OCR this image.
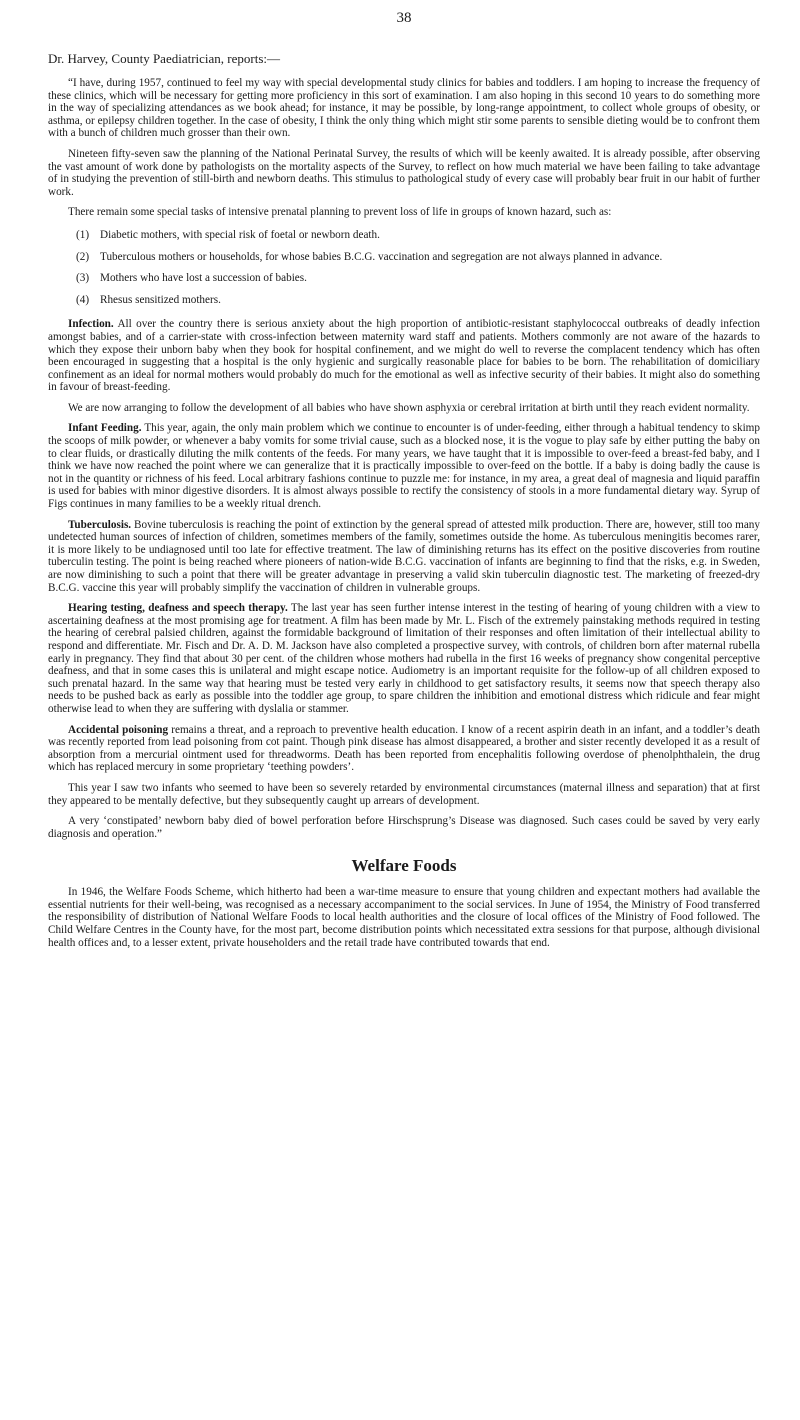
38
Dr. Harvey, County Paediatrician, reports:—

“I have, during 1957, continued to feel my way with special developmental study clinics for babies and toddlers. I am hoping to increase the frequency of these clinics, which will be necessary for getting more proficiency in this sort of examination. I am also hoping in this second 10 years to do something more in the way of specializing attendances as we book ahead; for instance, it may be possible, by long-range appointment, to collect whole groups of obesity, or asthma, or epilepsy children together. In the case of obesity, I think the only thing which might stir some parents to sensible dieting would be to confront them with a bunch of children much grosser than their own.

Nineteen fifty-seven saw the planning of the National Perinatal Survey, the results of which will be keenly awaited. It is already possible, after observing the vast amount of work done by pathologists on the mortality aspects of the Survey, to reflect on how much material we have been failing to take advantage of in studying the prevention of still-birth and newborn deaths. This stimulus to pathological study of every case will probably bear fruit in our habit of further work.

There remain some special tasks of intensive prenatal planning to prevent loss of life in groups of known hazard, such as:
(1) Diabetic mothers, with special risk of foetal or newborn death.
(2) Tuberculous mothers or households, for whose babies B.C.G. vaccination and segregation are not always planned in advance.
(3) Mothers who have lost a succession of babies.
(4) Rhesus sensitized mothers.

Infection. All over the country there is serious anxiety about the high proportion of antibiotic-resistant staphylococcal outbreaks of deadly infection amongst babies, and of a carrier-state with cross-infection between maternity ward staff and patients. Mothers commonly are not aware of the hazards to which they expose their unborn baby when they book for hospital confinement, and we might do well to reverse the complacent tendency which has often been encouraged in suggesting that a hospital is the only hygienic and surgically reasonable place for babies to be born. The rehabilitation of domiciliary confinement as an ideal for normal mothers would probably do much for the emotional as well as infective security of their babies. It might also do something in favour of breast-feeding.

We are now arranging to follow the development of all babies who have shown asphyxia or cerebral irritation at birth until they reach evident normality.

Infant Feeding. This year, again, the only main problem which we continue to encounter is of under-feeding, either through a habitual tendency to skimp the scoops of milk powder, or whenever a baby vomits for some trivial cause, such as a blocked nose, it is the vogue to play safe by either putting the baby on to clear fluids, or drastically diluting the milk contents of the feeds. For many years, we have taught that it is impossible to over-feed a breast-fed baby, and I think we have now reached the point where we can generalize that it is practically impossible to over-feed on the bottle. If a baby is doing badly the cause is not in the quantity or richness of his feed. Local arbitrary fashions continue to puzzle me: for instance, in my area, a great deal of magnesia and liquid paraffin is used for babies with minor digestive disorders. It is almost always possible to rectify the consistency of stools in a more fundamental dietary way. Syrup of Figs continues in many families to be a weekly ritual drench.

Tuberculosis. Bovine tuberculosis is reaching the point of extinction by the general spread of attested milk production. There are, however, still too many undetected human sources of infection of children, sometimes members of the family, sometimes outside the home. As tuberculous meningitis becomes rarer, it is more likely to be undiagnosed until too late for effective treatment. The law of diminishing returns has its effect on the positive discoveries from routine tuberculin testing. The point is being reached where pioneers of nation-wide B.C.G. vaccination of infants are beginning to find that the risks, e.g. in Sweden, are now diminishing to such a point that there will be greater advantage in preserving a valid skin tuberculin diagnostic test. The marketing of freezed-dry B.C.G. vaccine this year will probably simplify the vaccination of children in vulnerable groups.

Hearing testing, deafness and speech therapy. The last year has seen further intense interest in the testing of hearing of young children with a view to ascertaining deafness at the most promising age for treatment. A film has been made by Mr. L. Fisch of the extremely painstaking methods required in testing the hearing of cerebral palsied children, against the formidable background of limitation of their responses and often limitation of their intellectual ability to respond and differentiate. Mr. Fisch and Dr. A. D. M. Jackson have also completed a prospective survey, with controls, of children born after maternal rubella early in pregnancy. They find that about 30 per cent. of the children whose mothers had rubella in the first 16 weeks of pregnancy show congenital perceptive deafness, and that in some cases this is unilateral and might escape notice. Audiometry is an important requisite for the follow-up of all children exposed to such prenatal hazard. In the same way that hearing must be tested very early in childhood to get satisfactory results, it seems now that speech therapy also needs to be pushed back as early as possible into the toddler age group, to spare children the inhibition and emotional distress which ridicule and fear might otherwise lead to when they are suffering with dyslalia or stammer.

Accidental poisoning remains a threat, and a reproach to preventive health education. I know of a recent aspirin death in an infant, and a toddler’s death was recently reported from lead poisoning from cot paint. Though pink disease has almost disappeared, a brother and sister recently developed it as a result of absorption from a mercurial ointment used for threadworms. Death has been reported from encephalitis following overdose of phenolphthalein, the drug which has replaced mercury in some proprietary ‘teething powders’.

This year I saw two infants who seemed to have been so severely retarded by environmental circumstances (maternal illness and separation) that at first they appeared to be mentally defective, but they subsequently caught up arrears of development.

A very ‘constipated’ newborn baby died of bowel perforation before Hirschsprung’s Disease was diagnosed. Such cases could be saved by very early diagnosis and operation.”

Welfare Foods

In 1946, the Welfare Foods Scheme, which hitherto had been a war-time measure to ensure that young children and expectant mothers had available the essential nutrients for their well-being, was recognised as a necessary accompaniment to the social services. In June of 1954, the Ministry of Food transferred the responsibility of distribution of National Welfare Foods to local health authorities and the closure of local offices of the Ministry of Food followed. The Child Welfare Centres in the County have, for the most part, become distribution points which necessitated extra sessions for that purpose, although divisional health offices and, to a lesser extent, private householders and the retail trade have contributed towards that end.
